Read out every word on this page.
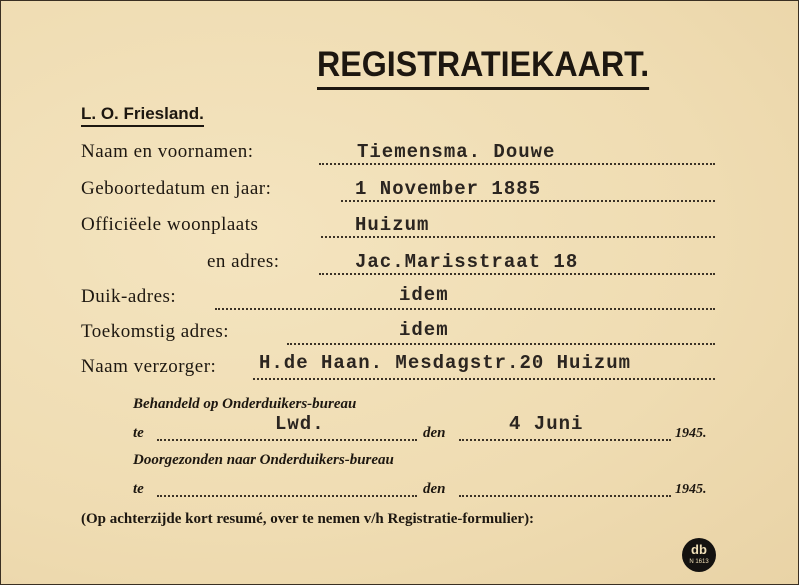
REGISTRATIEKAART.
L. O. Friesland.
Naam en voornamen:	Tiemensma. Douwe
Geboortedatum en jaar:	1 November 1885
Officiëele woonplaats	Huizum
en adres:	Jac.Marisstraat 18
Duik-adres:	idem
Toekomstig adres:	idem
Naam verzorger: H.de Haan. Mesdagstr.20 Huizum
Behandeld op Onderduikers-bureau
te	Lwd.	den	4 Juni	1945.
Doorgezonden naar Onderduikers-bureau
te	den	1945.
(Op achterzijde kort resumé, over te nemen v/h Registratie-formulier):
db
N 1613
